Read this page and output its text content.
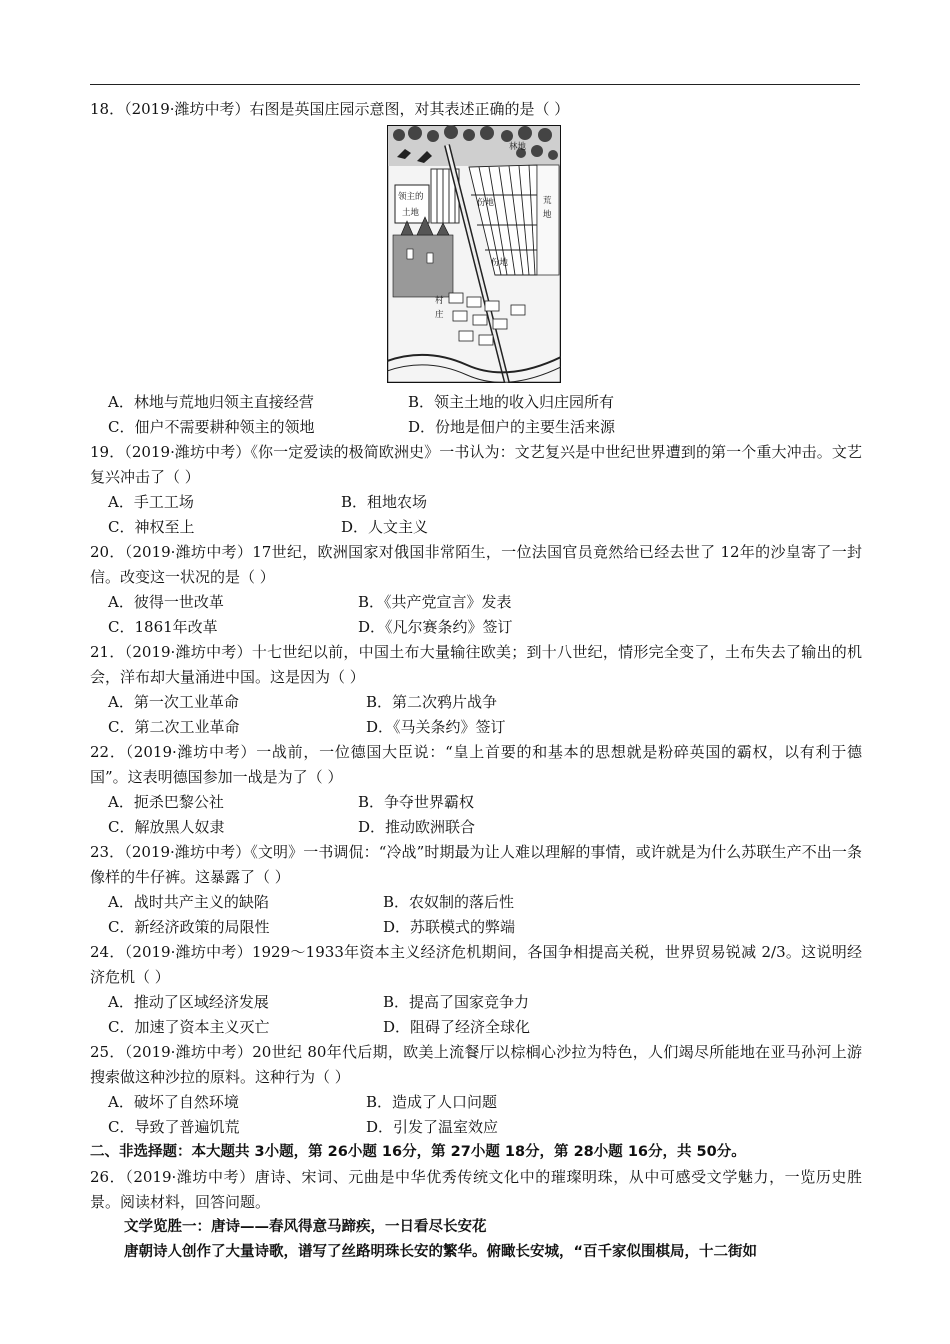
18．（2019·潍坊中考）右图是英国庄园示意图，对其表述正确的是（ ）

林地
荒
地
份地
份地
领主的
土地
村
庄
A．林地与荒地归领主直接经营	B．领主土地的收入归庄园所有
C．佃户不需要耕种领主的领地	D．份地是佃户的主要生活来源

19．（2019·潍坊中考）《你一定爱读的极简欧洲史》一书认为：文艺复兴是中世纪世界遭到的第一个重大冲击。文艺复兴冲击了（ ）

A．手工工场	B．租地农场
C．神权至上	D．人文主义

20．（2019·潍坊中考）17世纪，欧洲国家对俄国非常陌生，一位法国官员竟然给已经去世了 12年的沙皇寄了一封信。改变这一状况的是（ ）

A．彼得一世改革	B．《共产党宣言》发表
C．1861年改革	D．《凡尔赛条约》签订

21．（2019·潍坊中考）十七世纪以前，中国土布大量输往欧美；到十八世纪，情形完全变了，土布失去了输出的机会，洋布却大量涌进中国。这是因为（ ）

A．第一次工业革命	B．第二次鸦片战争
C．第二次工业革命	D．《马关条约》签订

22．（2019·潍坊中考）一战前，一位德国大臣说：“皇上首要的和基本的思想就是粉碎英国的霸权，以有利于德国”。这表明德国参加一战是为了（ ）

A．扼杀巴黎公社	B．争夺世界霸权
C．解放黑人奴隶	D．推动欧洲联合

23．（2019·潍坊中考）《文明》一书调侃：“冷战”时期最为让人难以理解的事情，或许就是为什么苏联生产不出一条像样的牛仔裤。这暴露了（ ）

A．战时共产主义的缺陷	B．农奴制的落后性
C．新经济政策的局限性	D．苏联模式的弊端

24．（2019·潍坊中考）1929～1933年资本主义经济危机期间，各国争相提高关税，世界贸易锐减 2/3。这说明经济危机（ ）

A．推动了区域经济发展	B．提高了国家竞争力
C．加速了资本主义灭亡	D．阻碍了经济全球化

25．（2019·潍坊中考）20世纪 80年代后期，欧美上流餐厅以棕榈心沙拉为特色，人们竭尽所能地在亚马孙河上游搜索做这种沙拉的原料。这种行为（ ）

A．破坏了自然环境	B．造成了人口问题
C．导致了普遍饥荒	D．引发了温室效应

二、非选择题：本大题共 3小题，第 26小题 16分，第 27小题 18分，第 28小题 16分，共 50分。

26．（2019·潍坊中考）唐诗、宋词、元曲是中华优秀传统文化中的璀璨明珠，从中可感受文学魅力，一览历史胜景。阅读材料，回答问题。

文学览胜一：唐诗——春风得意马蹄疾，一日看尽长安花

唐朝诗人创作了大量诗歌，谱写了丝路明珠长安的繁华。俯瞰长安城，“百千家似围棋局，十二街如
